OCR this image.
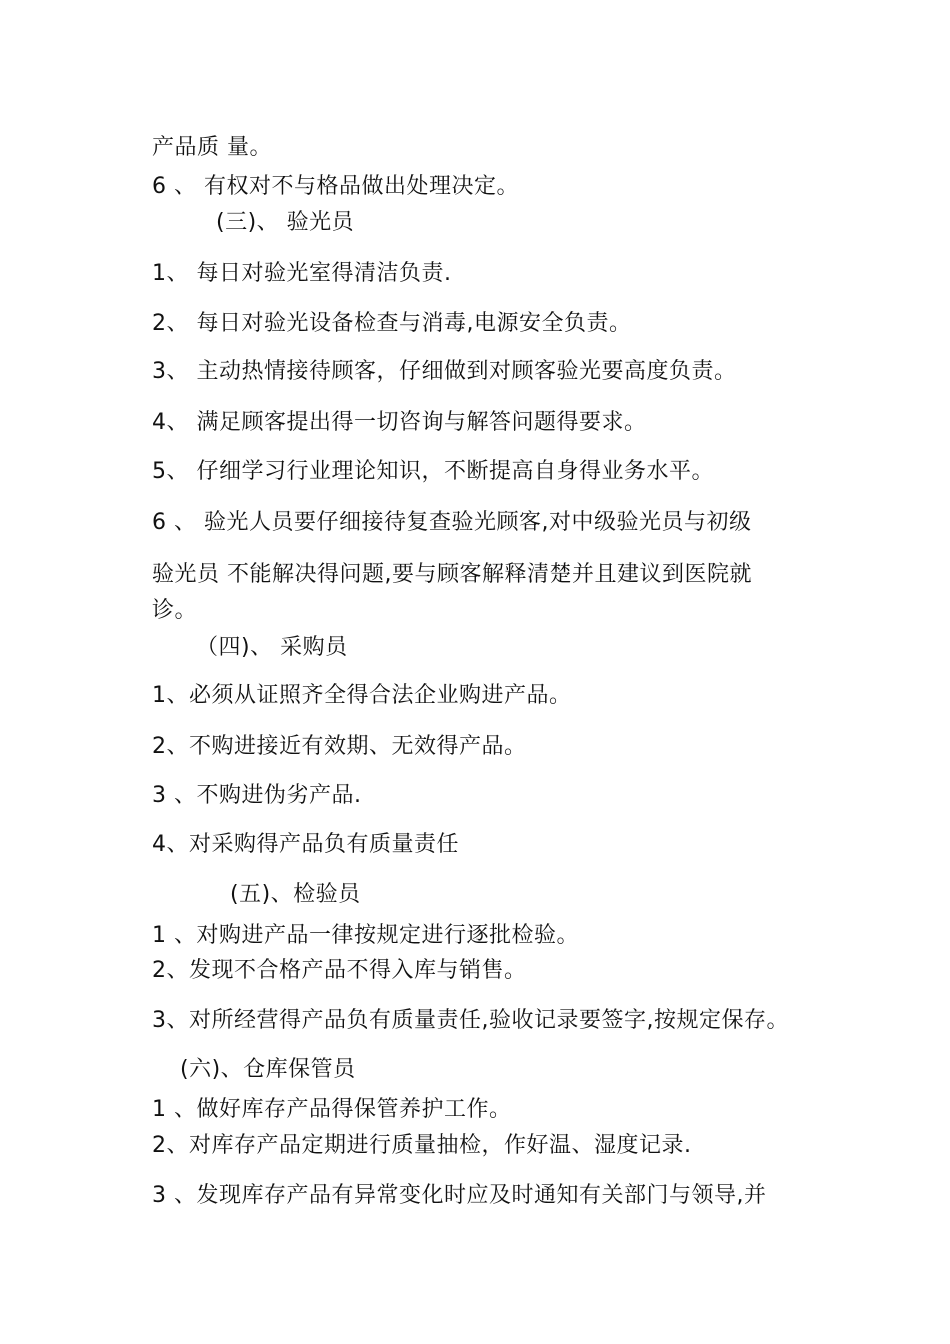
产品质 量。
6 、 有权对不与格品做出处理决定。
(三)、 验光员
1、 每日对验光室得清洁负责.
2、 每日对验光设备检查与消毒,电源安全负责。
3、 主动热情接待顾客，仔细做到对顾客验光要高度负责。
4、 满足顾客提出得一切咨询与解答问题得要求。
5、 仔细学习行业理论知识，不断提高自身得业务水平。
6 、 验光人员要仔细接待复查验光顾客,对中级验光员与初级
验光员 不能解决得问题,要与顾客解释清楚并且建议到医院就
诊。
（四)、 采购员
1、必须从证照齐全得合法企业购进产品。
2、不购进接近有效期、无效得产品。
3 、不购进伪劣产品.
4、对采购得产品负有质量责任
(五)、检验员
1 、对购进产品一律按规定进行逐批检验。
2、发现不合格产品不得入库与销售。
3、对所经营得产品负有质量责任,验收记录要签字,按规定保存。
(六)、仓库保管员
1 、做好库存产品得保管养护工作。
2、对库存产品定期进行质量抽检，作好温、湿度记录.
3 、发现库存产品有异常变化时应及时通知有关部门与领导,并
